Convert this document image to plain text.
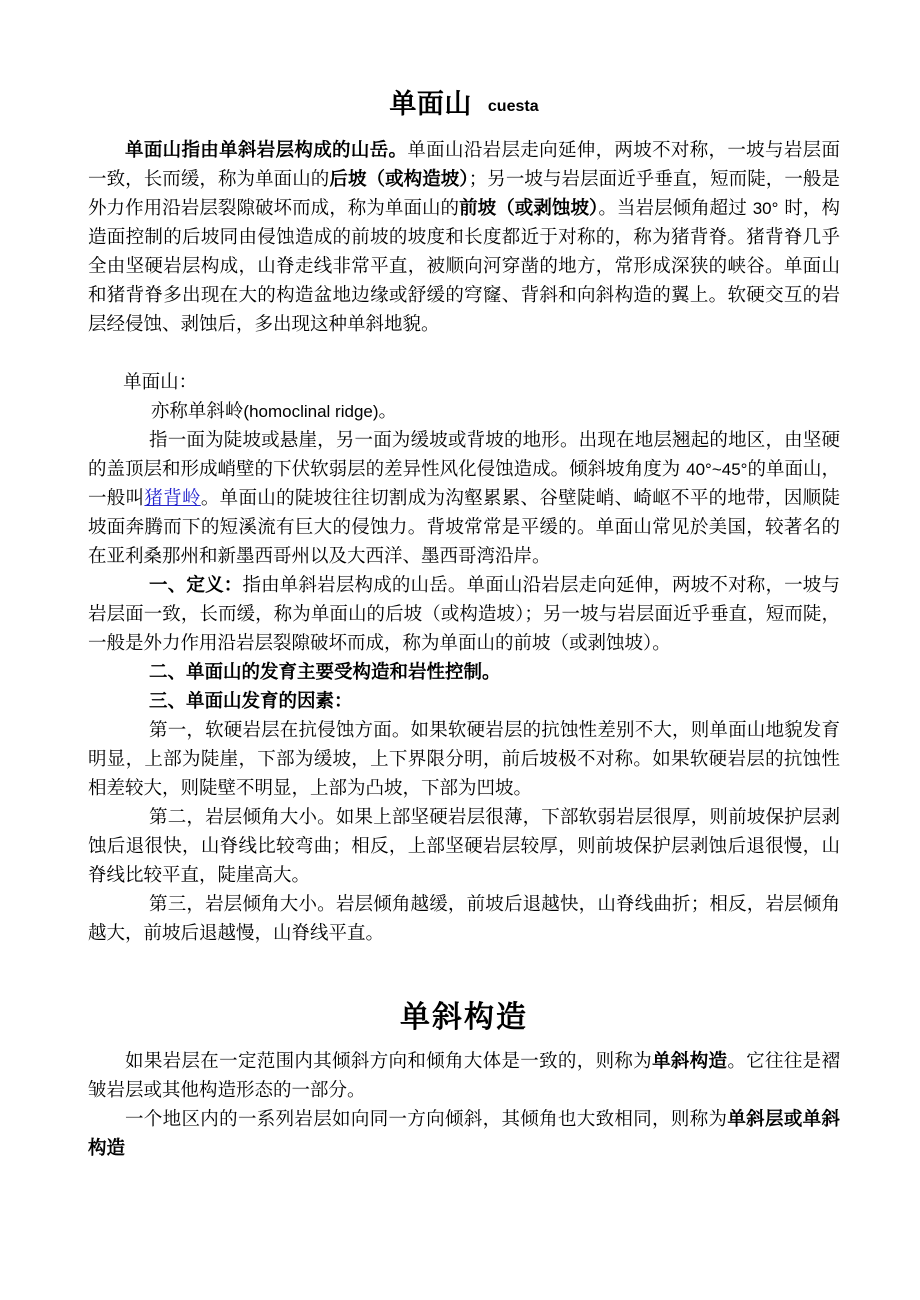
单面山 cuesta

单面山指由单斜岩层构成的山岳。单面山沿岩层走向延伸，两坡不对称，一坡与岩层面一致，长而缓，称为单面山的后坡（或构造坡）；另一坡与岩层面近乎垂直，短而陡，一般是外力作用沿岩层裂隙破坏而成，称为单面山的前坡（或剥蚀坡）。当岩层倾角超过 30° 时，构造面控制的后坡同由侵蚀造成的前坡的坡度和长度都近于对称的，称为猪背脊。猪背脊几乎全由坚硬岩层构成，山脊走线非常平直，被顺向河穿凿的地方，常形成深狭的峡谷。单面山和猪背脊多出现在大的构造盆地边缘或舒缓的穹窿、背斜和向斜构造的翼上。软硬交互的岩层经侵蚀、剥蚀后，多出现这种单斜地貌。

单面山：

亦称单斜岭(homoclinal ridge)。

指一面为陡坡或悬崖，另一面为缓坡或背坡的地形。出现在地层翘起的地区，由坚硬的盖顶层和形成峭壁的下伏软弱层的差异性风化侵蚀造成。倾斜坡角度为 40°~45°的单面山，一般叫猪背岭。单面山的陡坡往往切割成为沟壑累累、谷壁陡峭、崎岖不平的地带，因顺陡坡面奔腾而下的短溪流有巨大的侵蚀力。背坡常常是平缓的。单面山常见於美国，较著名的在亚利桑那州和新墨西哥州以及大西洋、墨西哥湾沿岸。

一、定义：指由单斜岩层构成的山岳。单面山沿岩层走向延伸，两坡不对称，一坡与岩层面一致，长而缓，称为单面山的后坡（或构造坡）；另一坡与岩层面近乎垂直，短而陡，一般是外力作用沿岩层裂隙破坏而成，称为单面山的前坡（或剥蚀坡）。

二、单面山的发育主要受构造和岩性控制。

三、单面山发育的因素：

第一，软硬岩层在抗侵蚀方面。如果软硬岩层的抗蚀性差别不大，则单面山地貌发育明显，上部为陡崖，下部为缓坡，上下界限分明，前后坡极不对称。如果软硬岩层的抗蚀性相差较大，则陡壁不明显，上部为凸坡，下部为凹坡。

第二，岩层倾角大小。如果上部坚硬岩层很薄，下部软弱岩层很厚，则前坡保护层剥蚀后退很快，山脊线比较弯曲；相反，上部坚硬岩层较厚，则前坡保护层剥蚀后退很慢，山脊线比较平直，陡崖高大。

第三，岩层倾角大小。岩层倾角越缓，前坡后退越快，山脊线曲折；相反，岩层倾角越大，前坡后退越慢，山脊线平直。

单斜构造

如果岩层在一定范围内其倾斜方向和倾角大体是一致的，则称为单斜构造。它往往是褶皱岩层或其他构造形态的一部分。

一个地区内的一系列岩层如向同一方向倾斜，其倾角也大致相同，则称为单斜层或单斜构造
